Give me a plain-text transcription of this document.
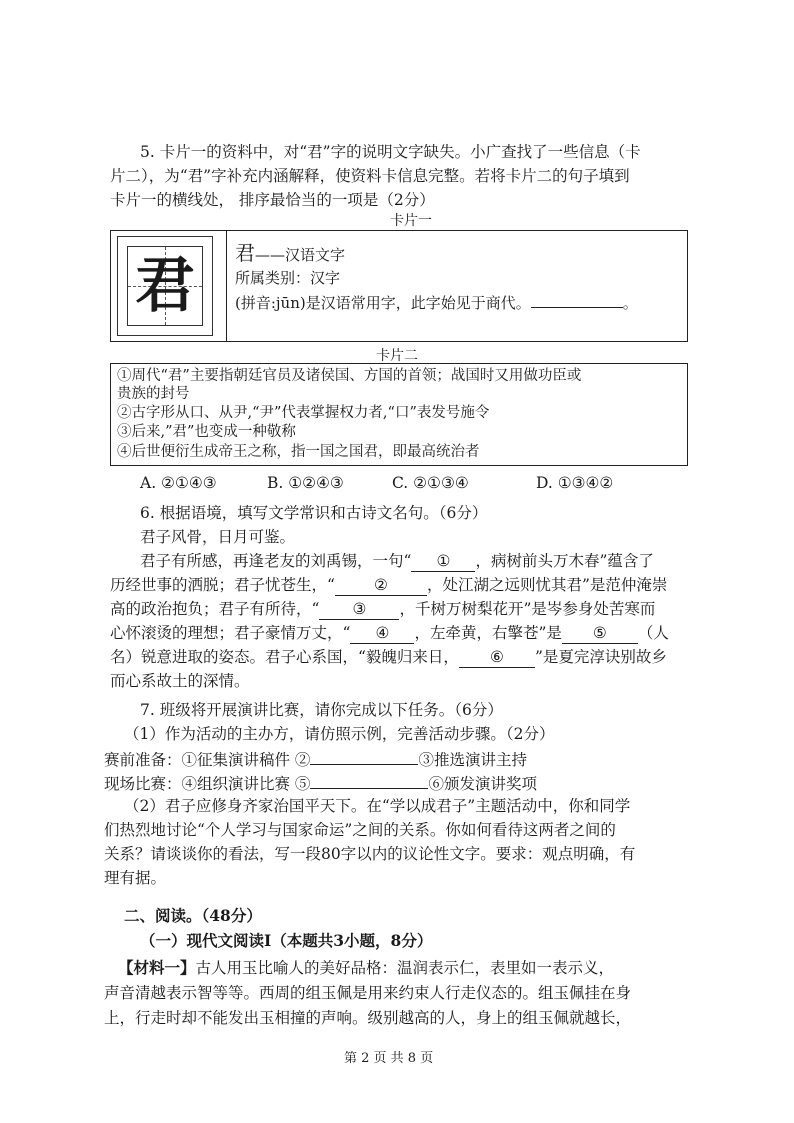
5. 卡片一的资料中，对“君”字的说明文字缺失。小广查找了一些信息（卡
片二），为“君”字补充内涵解释，使资料卡信息完整。若将卡片二的句子填到
卡片一的横线处， 排序最恰当的一项是（2分）
卡片一
君	君——汉语文字
所属类别：汉字
(拼音:jūn)是汉语常用字，此字始见于商代。	。
卡片二
①周代“君”主要指朝廷官员及诸侯国、方国的首领；战国时又用做功臣或
贵族的封号
②古字形从口、从尹,“尹”代表掌握权力者,“口”表发号施令
③后来,”君”也变成一种敬称
④后世便衍生成帝王之称，指一国之国君，即最高统治者
A. ②①④③	B. ①②④③	C. ②①③④	D. ①③④②
6. 根据语境，填写文学常识和古诗文名句。（6分）
君子风骨，日月可鉴。
君子有所感，再逢老友的刘禹锡，一句“ ① ，病树前头万木春”蕴含了
历经世事的洒脱；君子忧苍生，“	②	，处江湖之远则忧其君”是范仲淹崇
高的政治抱负；君子有所待，“ ③ ，千树万树梨花开”是岑参身处苦寒而
心怀滚烫的理想；君子豪情万丈，“ ④ ，左牵黄，右擎苍”是 ⑤ （人
名）锐意进取的姿态。君子心系国，“毅魄归来日， ⑥ ”是夏完淳诀别故乡
而心系故土的深情。
7. 班级将开展演讲比赛，请你完成以下任务。（6分）
（1）作为活动的主办方，请仿照示例，完善活动步骤。（2分）
赛前准备：①征集演讲稿件 ②	③推选演讲主持
现场比赛：④组织演讲比赛 ⑤	⑥颁发演讲奖项
（2）君子应修身齐家治国平天下。在“学以成君子”主题活动中，你和同学
们热烈地讨论“个人学习与国家命运”之间的关系。你如何看待这两者之间的
关系？请谈谈你的看法，写一段80字以内的议论性文字。要求：观点明确，有
理有据。
二、阅读。（48分）
（一）现代文阅读Ⅰ（本题共3小题，8分）
【材料一】古人用玉比喻人的美好品格：温润表示仁，表里如一表示义，
声音清越表示智等等。西周的组玉佩是用来约束人行走仪态的。组玉佩挂在身
上，行走时却不能发出玉相撞的声响。级别越高的人，身上的组玉佩就越长，
第 2 页 共 8 页
